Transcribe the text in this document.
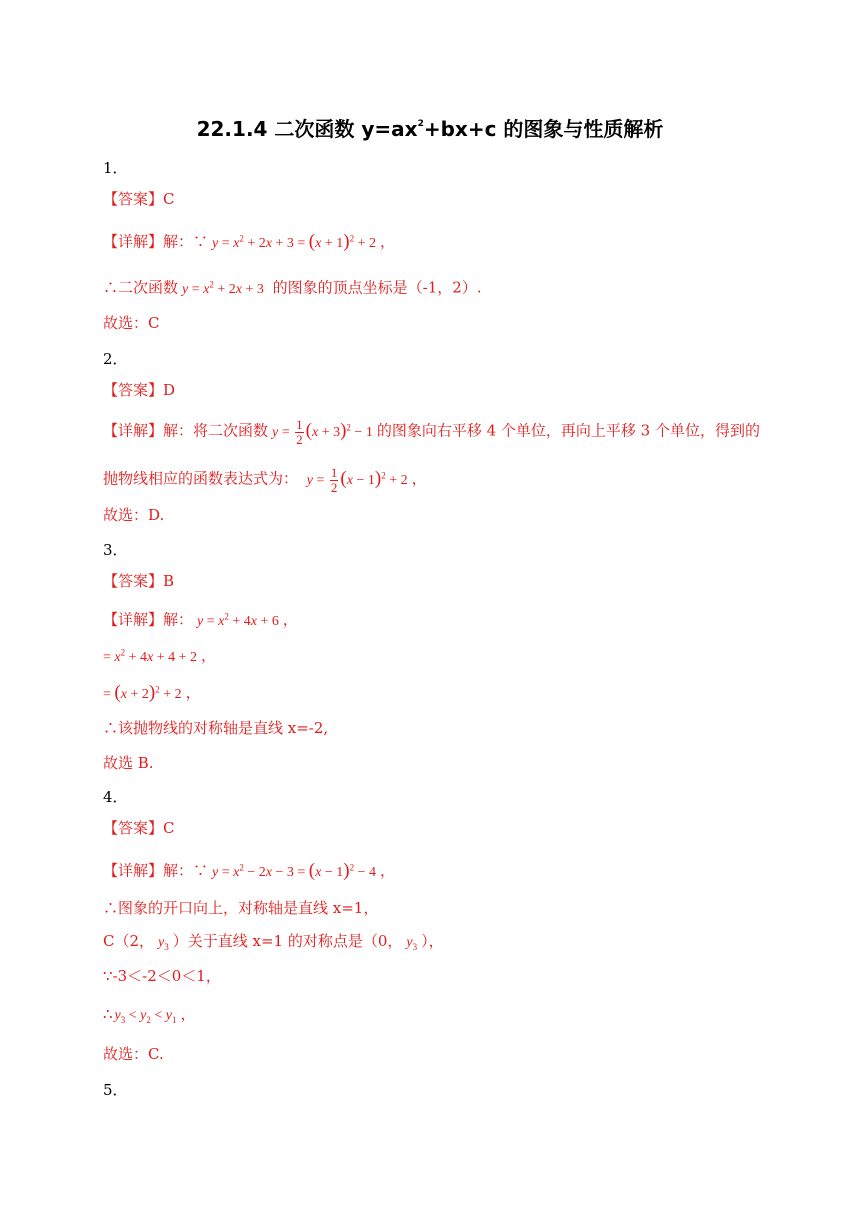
22.1.4 二次函数 $y=ax^2+bx+c$ 的图象与性质解析
1．
【答案】C
【详解】解：∵ $y = x^2 + 2x + 3 = (x + 1)^2 + 2$ ，
∴二次函数 $y = x^2 + 2x + 3$ 的图象的顶点坐标是（-1，2）.
故选：C
2．
【答案】D
【详解】解：将二次函数 $y = \frac{1}{2} (x + 3)^2 - 1$ 的图象向右平移 4 个单位，再向上平移 3 个单位，得到的
抛物线相应的函数表达式为： $y = \frac{1}{2} (x - 1)^2 + 2$ ，
故选：D.
3．
【答案】B
【详解】解： $y = x^2 + 4x + 6$ ，
= $x^2 + 4x + 4 + 2$ ，
= $(x + 2)^2 + 2$ ，
∴该抛物线的对称轴是直线 x=-2,
故选 B.
4．
【答案】C
【详解】解：∵ $y = x^2 - 2x - 3 = (x - 1)^2 - 4$ ，
∴图象的开口向上，对称轴是直线 x=1，
C（2， $y_3$ ）关于直线 x=1 的对称点是（0， $y_3$ ），
∵-3＜-2＜0＜1，
∴ $y_3 < y_2 < y_1$ ，
故选：C.
5．
